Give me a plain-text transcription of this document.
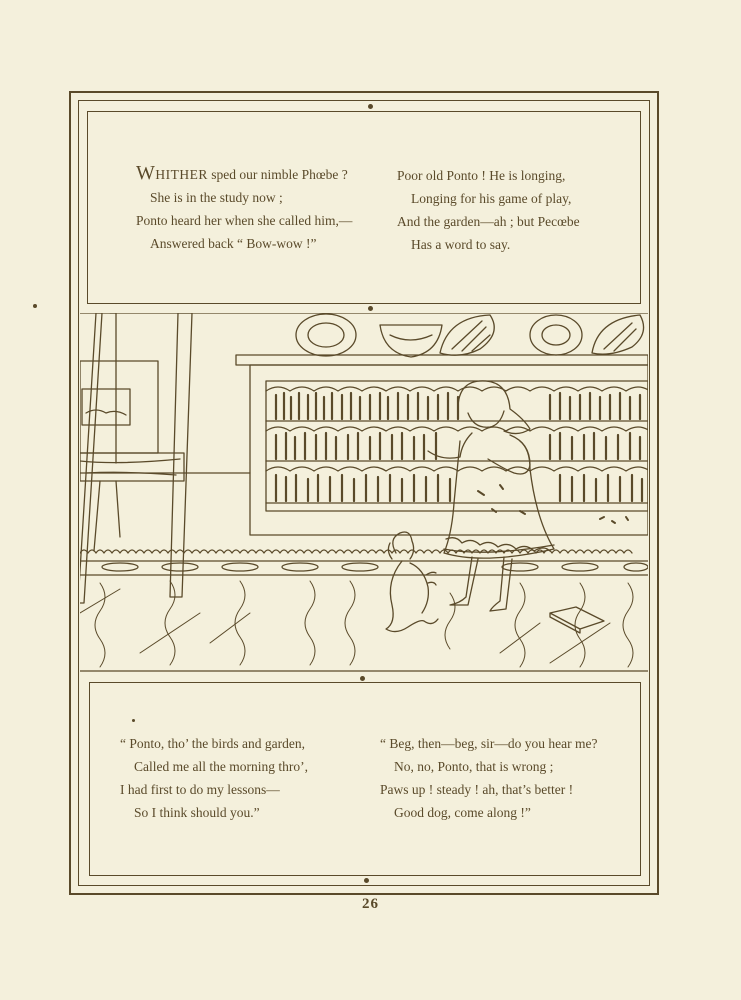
WHITHER sped our nimble Phœbe ?
She is in the study now ;
Ponto heard her when she called him,—
Answered back “ Bow-wow !”
Poor old Ponto ! He is longing,
Longing for his game of play,
And the garden—ah ; but Pecœbe
Has a word to say.
“ Ponto, tho’ the birds and garden,
Called me all the morning thro’,
I had first to do my lessons—
So I think should you.”
“ Beg, then—beg, sir—do you hear me?
No, no, Ponto, that is wrong ;
Paws up ! steady ! ah, that’s better !
Good dog, come along !”
26
